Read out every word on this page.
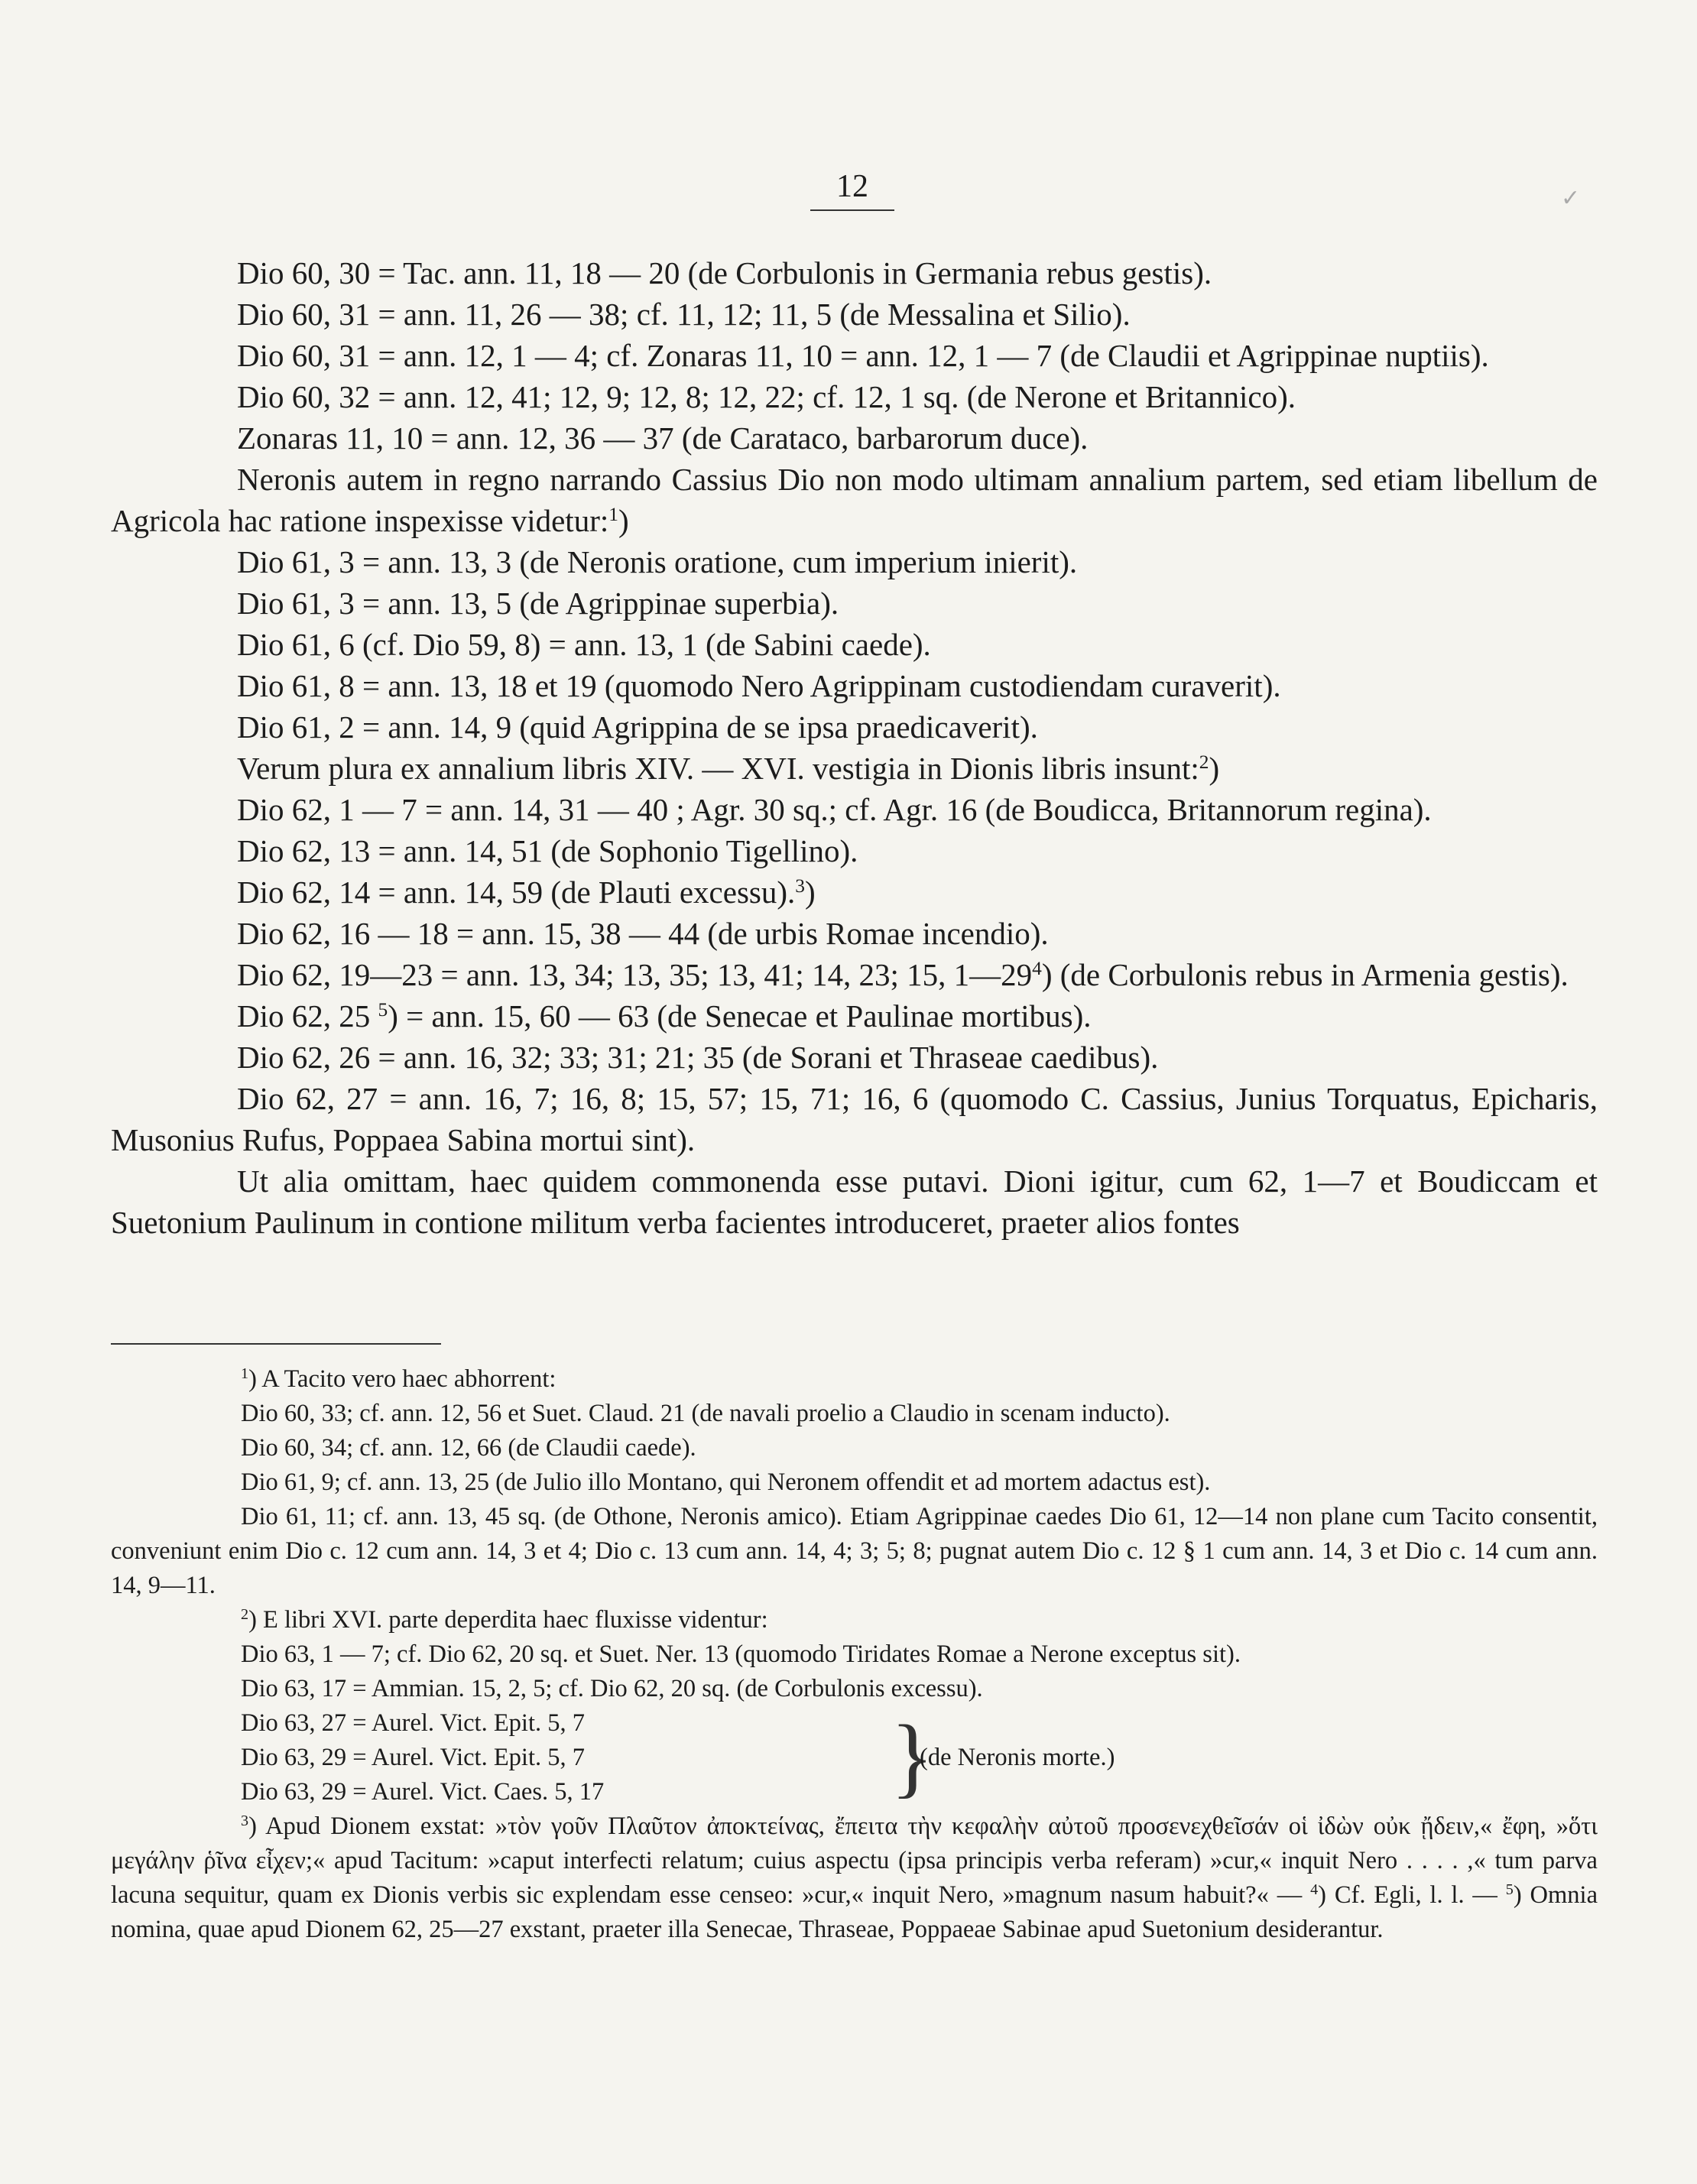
12	✓

Dio 60, 30 = Tac. ann. 11, 18 — 20 (de Corbulonis in Germania rebus gestis).

Dio 60, 31 = ann. 11, 26 — 38; cf. 11, 12; 11, 5 (de Messalina et Silio).

Dio 60, 31 = ann. 12, 1 — 4; cf. Zonaras 11, 10 = ann. 12, 1 — 7 (de Claudii et Agrippinae nuptiis).

Dio 60, 32 = ann. 12, 41; 12, 9; 12, 8; 12, 22; cf. 12, 1 sq. (de Nerone et Britannico).

Zonaras 11, 10 = ann. 12, 36 — 37 (de Carataco, barbarorum duce).

Neronis autem in regno narrando Cassius Dio non modo ultimam annalium partem, sed etiam libellum de Agricola hac ratione inspexisse videtur:$^1$)

Dio 61, 3 = ann. 13, 3 (de Neronis oratione, cum imperium inierit).

Dio 61, 3 = ann. 13, 5 (de Agrippinae superbia).

Dio 61, 6 (cf. Dio 59, 8) = ann. 13, 1 (de Sabini caede).

Dio 61, 8 = ann. 13, 18 et 19 (quomodo Nero Agrippinam custodiendam curaverit).

Dio 61, 2 = ann. 14, 9 (quid Agrippina de se ipsa praedicaverit).

Verum plura ex annalium libris XIV. — XVI. vestigia in Dionis libris insunt:$^2$)

Dio 62, 1 — 7 = ann. 14, 31 — 40 ; Agr. 30 sq.; cf. Agr. 16 (de Boudicca, Britannorum regina).

Dio 62, 13 = ann. 14, 51 (de Sophonio Tigellino).

Dio 62, 14 = ann. 14, 59 (de Plauti excessu).$^3$)

Dio 62, 16 — 18 = ann. 15, 38 — 44 (de urbis Romae incendio).

Dio 62, 19—23 = ann. 13, 34; 13, 35; 13, 41; 14, 23; 15, $1—29^4$) (de Corbulonis rebus in Armenia gestis).

Dio 62, 25 $^5$) = ann. 15, 60 — 63 (de Senecae et Paulinae mortibus).

Dio 62, 26 = ann. 16, 32; 33; 31; 21; 35 (de Sorani et Thraseae caedibus).

Dio 62, 27 = ann. 16, 7; 16, 8; 15, 57; 15, 71; 16, 6 (quomodo C. Cassius, Junius Torquatus, Epicharis, Musonius Rufus, Poppaea Sabina mortui sint).

Ut alia omittam, haec quidem commonenda esse putavi. Dioni igitur, cum 62, 1—7 et Boudiccam et Suetonium Paulinum in contione militum verba facientes introduceret, praeter alios fontes

$^1$) A Tacito vero haec abhorrent:

Dio 60, 33; cf. ann. 12, 56 et Suet. Claud. 21 (de navali proelio a Claudio in scenam inducto).

Dio 60, 34; cf. ann. 12, 66 (de Claudii caede).

Dio 61, 9; cf. ann. 13, 25 (de Julio illo Montano, qui Neronem offendit et ad mortem adactus est).

Dio 61, 11; cf. ann. 13, 45 sq. (de Othone, Neronis amico). Etiam Agrippinae caedes Dio 61, 12—14 non plane cum Tacito consentit, conveniunt enim Dio c. 12 cum ann. 14, 3 et 4; Dio c. 13 cum ann. 14, 4; 3; 5; 8; pugnat autem Dio c. 12 § 1 cum ann. 14, 3 et Dio c. 14 cum ann. 14, 9—11.

$^2$) E libri XVI. parte deperdita haec fluxisse videntur:

Dio 63, 1 — 7; cf. Dio 62, 20 sq. et Suet. Ner. 13 (quomodo Tiridates Romae a Nerone exceptus sit).

Dio 63, 17 = Ammian. 15, 2, 5; cf. Dio 62, 20 sq. (de Corbulonis excessu).

Dio 63, 27 = Aurel. Vict. Epit. 5, 7
Dio 63, 29 = Aurel. Vict. Epit. 5, 7
Dio 63, 29 = Aurel. Vict. Caes. 5, 17	}
(de Neronis morte.)

$^3$) Apud Dionem exstat: »τὸν γοῦν Πλαῦτον ἀποκτείνας, ἔπειτα τὴν κεφαλὴν αὐτοῦ προσενεχθεῖσάν οἱ ἰδὼν οὐκ ᾔδειν,« ἔφη, »ὅτι μεγάλην ῥῖνα εἶχεν;« apud Tacitum: »caput interfecti relatum; cuius aspectu (ipsa principis verba referam) »cur,« inquit Nero . . . . ,« tum parva lacuna sequitur, quam ex Dionis verbis sic explendam esse censeo: »cur,« inquit Nero, »magnum nasum habuit?« — $^4$) Cf. Egli, l. l. — $^5$) Omnia nomina, quae apud Dionem 62, 25—27 exstant, praeter illa Senecae, Thraseae, Poppaeae Sabinae apud Suetonium desiderantur.
